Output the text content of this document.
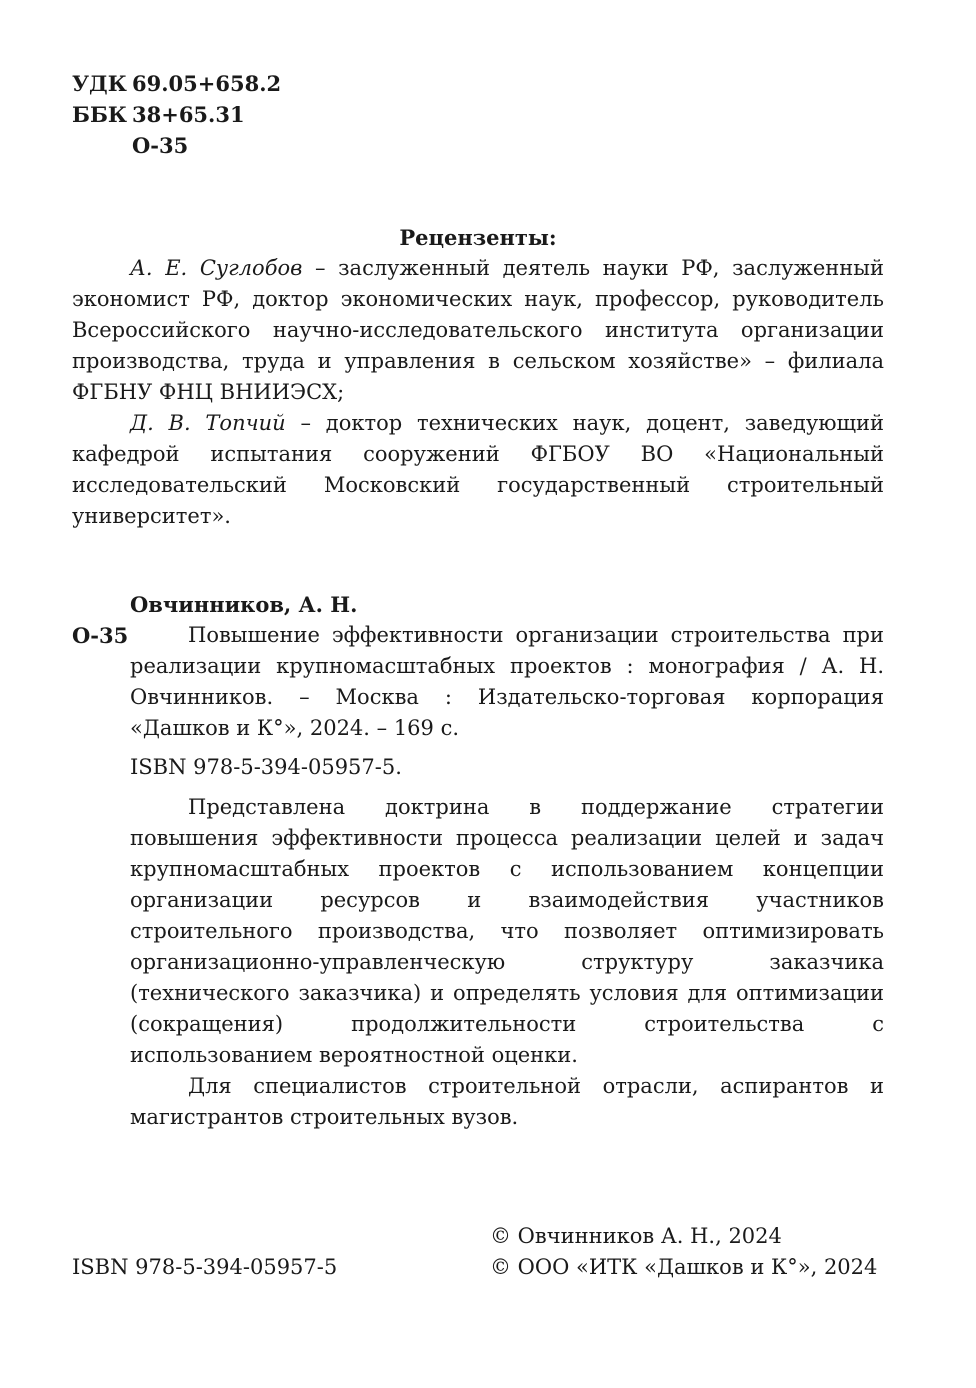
УДК 69.05+658.2
ББК 38+65.31
О-35
Рецензенты:

А. Е. Суглобов – заслуженный деятель науки РФ, заслуженный экономист РФ, доктор экономических наук, профессор, руководитель Всероссийского научно-исследовательского института организации производства, труда и управления в сельском хозяйстве» – филиала ФГБНУ ФНЦ ВНИИЭСХ;

Д. В. Топчий – доктор технических наук, доцент, заведующий кафедрой испытания сооружений ФГБОУ ВО «Национальный исследовательский Московский государственный строительный университет».

Овчинников, А. Н.
О-35	Повышение эффективности организации строительства при реализации крупномасштабных проектов : монография / А. Н. Овчинников. – Москва : Издательско-торговая корпорация «Дашков и К°», 2024. – 169 с.

ISBN 978-5-394-05957-5.

Представлена доктрина в поддержание стратегии повышения эффективности процесса реализации целей и задач крупномасштабных проектов с использованием концепции организации ресурсов и взаимодействия участников строительного производства, что позволяет оптимизировать организационно-управленческую структуру заказчика (технического заказчика) и определять условия для оптимизации (сокращения) продолжительности строительства с использованием вероятностной оценки.

Для специалистов строительной отрасли, аспирантов и магистрантов строительных вузов.

ISBN 978-5-394-05957-5
© Овчинников А. Н., 2024
© ООО «ИТК «Дашков и К°», 2024
